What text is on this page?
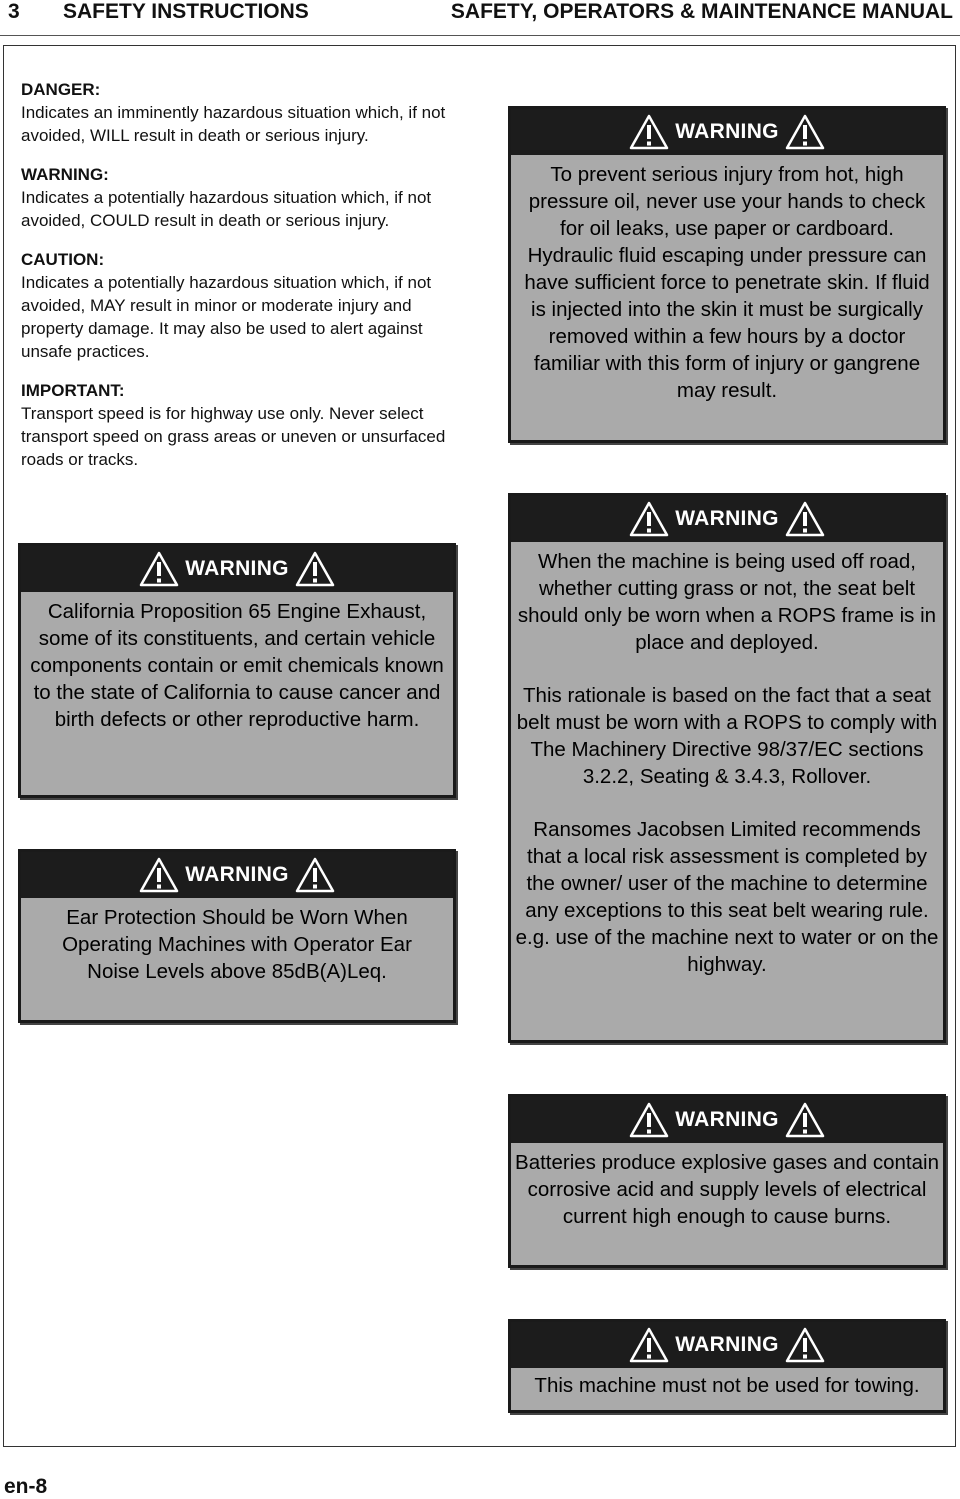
3 SAFETY INSTRUCTIONS	SAFETY, OPERATORS & MAINTENANCE MANUAL
DANGER:

Indicates an imminently hazardous situation which, if not avoided, WILL result in death or serious injury.

WARNING:

Indicates a potentially hazardous situation which, if not avoided, COULD result in death or serious injury.

CAUTION:

Indicates a potentially hazardous situation which, if not avoided, MAY result in minor or moderate injury and property damage. It may also be used to alert against unsafe practices.

IMPORTANT:

Transport speed is for highway use only. Never select transport speed on grass areas or uneven or unsurfaced roads or tracks.

WARNING

California Proposition 65 Engine Exhaust, some of its constituents, and certain vehicle components contain or emit chemicals known to the state of California to cause cancer and birth defects or other reproductive harm.

WARNING

Ear Protection Should be Worn When Operating Machines with Operator Ear Noise Levels above 85dB(A)Leq.

WARNING

To prevent serious injury from hot, high pressure oil, never use your hands to check for oil leaks, use paper or cardboard. Hydraulic fluid escaping under pressure can have sufficient force to penetrate skin. If fluid is injected into the skin it must be surgically removed within a few hours by a doctor familiar with this form of injury or gangrene may result.

WARNING

When the machine is being used off road, whether cutting grass or not, the seat belt should only be worn when a ROPS frame is in place and deployed.

This rationale is based on the fact that a seat belt must be worn with a ROPS to comply with The Machinery Directive 98/37/EC sections 3.2.2, Seating & 3.4.3, Rollover.

Ransomes Jacobsen Limited recommends that a local risk assessment is completed by the owner/ user of the machine to determine any exceptions to this seat belt wearing rule. e.g. use of the machine next to water or on the highway.

WARNING

Batteries produce explosive gases and contain corrosive acid and supply levels of electrical current high enough to cause burns.

WARNING

This machine must not be used for towing.

en-8
